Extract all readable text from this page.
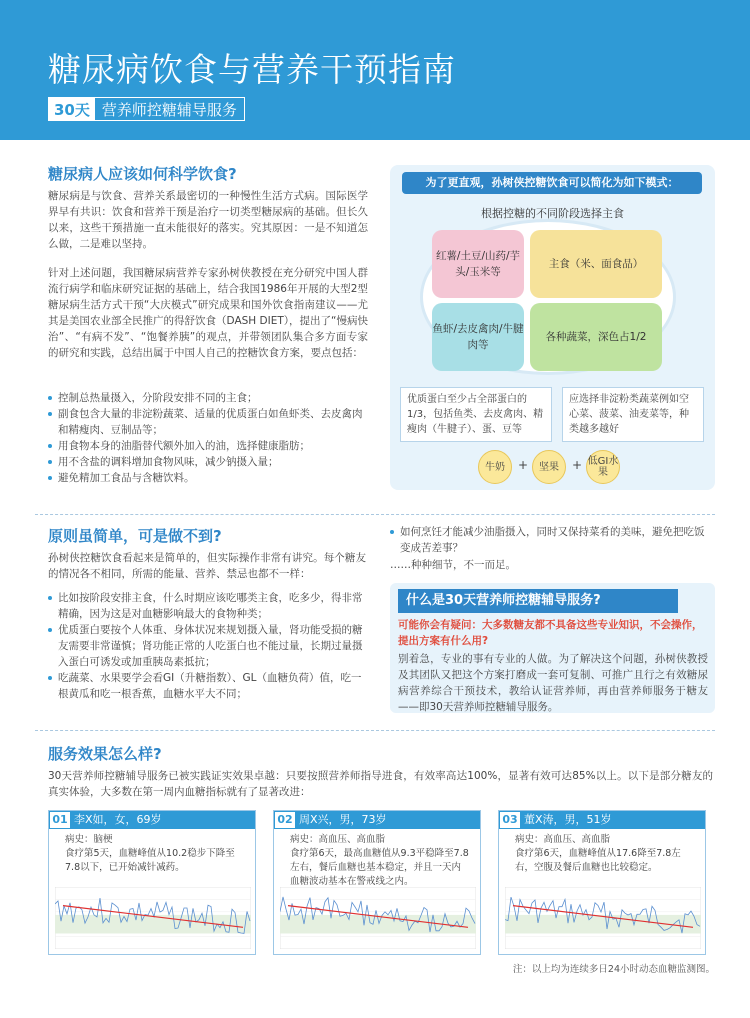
糖尿病饮食与营养干预指南
30天 营养师控糖辅导服务
糖尿病人应该如何科学饮食?
糖尿病是与饮食、营养关系最密切的一种慢性生活方式病。国际医学界早有共识：饮食和营养干预是治疗一切类型糖尿病的基础。但长久以来，这些干预措施一直未能很好的落实。究其原因：一是不知道怎么做，二是难以坚持。
针对上述问题，我国糖尿病营养专家孙树侠教授在充分研究中国人群流行病学和临床研究证据的基础上，结合我国1986年开展的大型2型糖尿病生活方式干预“大庆模式”研究成果和国外饮食指南建议——尤其是美国农业部全民推广的得舒饮食（DASH DIET），提出了“慢病快治”、“有病不发”、“饱餐养胰”的观点，并带领团队集合多方面专家的研究和实践，总结出属于中国人自己的控糖饮食方案，要点包括：
控制总热量摄入，分阶段安排不同的主食；
副食包含大量的非淀粉蔬菜、适量的优质蛋白如鱼虾类、去皮禽肉和精瘦肉、豆制品等；
用食物本身的油脂替代额外加入的油，选择健康脂肪；
用不含盐的调料增加食物风味，减少钠摄入量；
避免精加工食品与含糖饮料。
为了更直观，孙树侠控糖饮食可以简化为如下模式：
根据控糖的不同阶段选择主食
红薯/土豆/山药/芋头/玉米等
主食（米、面食品）
鱼虾/去皮禽肉/牛腱肉等
各种蔬菜，深色占1/2
优质蛋白至少占全部蛋白的1/3，包括鱼类、去皮禽肉、精瘦肉（牛腱子）、蛋、豆等
应选择非淀粉类蔬菜例如空心菜、菠菜、油麦菜等，种类越多越好
牛奶	+	坚果	+ 低GI水果
原则虽简单，可是做不到?
孙树侠控糖饮食看起来是简单的，但实际操作非常有讲究。每个糖友的情况各不相同，所需的能量、营养、禁忌也都不一样：
比如按阶段安排主食，什么时期应该吃哪类主食，吃多少，得非常精确，因为这是对血糖影响最大的食物种类；
优质蛋白要按个人体重、身体状况来规划摄入量，肾功能受损的糖友需要非常谨慎；肾功能正常的人吃蛋白也不能过量，长期过量摄入蛋白可诱发或加重胰岛素抵抗；
吃蔬菜、水果要学会看GI（升糖指数）、GL（血糖负荷）值，吃一根黄瓜和吃一根香蕉，血糖水平大不同；
如何烹饪才能减少油脂摄入，同时又保持菜肴的美味，避免把吃饭变成苦差事？
……种种细节，不一而足。
什么是30天营养师控糖辅导服务?
可能你会有疑问：大多数糖友都不具备这些专业知识，不会操作，提出方案有什么用?
别着急，专业的事有专业的人做。为了解决这个问题，孙树侠教授及其团队又把这个方案打磨成一套可复制、可推广且行之有效糖尿病营养综合干预技术，教给认证营养师，再由营养师服务于糖友——即30天营养师控糖辅导服务。
服务效果怎么样?
30天营养师控糖辅导服务已被实践证实效果卓越：只要按照营养师指导进食，有效率高达100%，显著有效可达85%以上。以下是部分糖友的真实体验，大多数在第一周内血糖指标就有了显著改进：
01 李X如，女，69岁
病史：脑梗
食疗第5天，血糖峰值从10.2稳步下降至7.8以下，已开始减针减药。
02 周X兴，男，73岁
病史：高血压、高血脂
食疗第6天，最高血糖值从9.3平稳降至7.8左右，餐后血糖也基本稳定，并且一天内血糖波动基本在警戒线之内。
03 董X涛，男，51岁
病史：高血压、高血脂
食疗第6天，血糖峰值从17.6降至7.8左右，空腹及餐后血糖也比较稳定。
注：以上均为连续多日24小时动态血糖监测图。
